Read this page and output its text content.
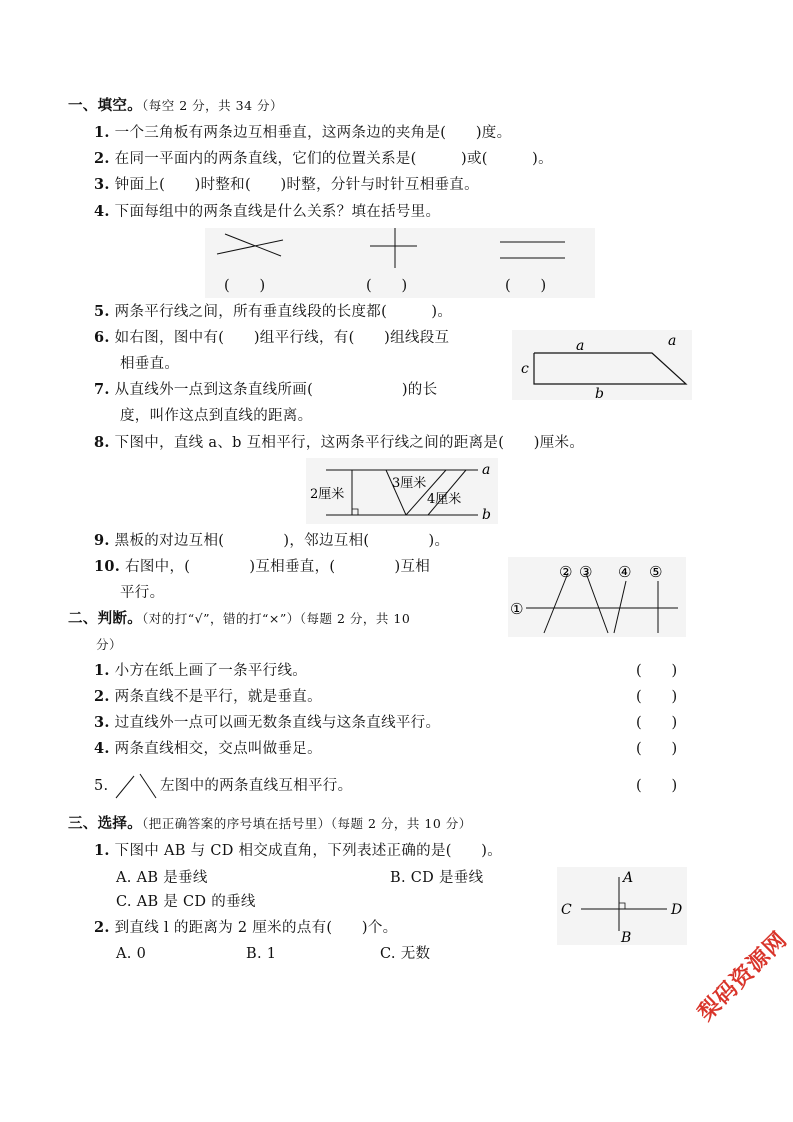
一、填空。（每空 2 分，共 34 分）
1. 一个三角板有两条边互相垂直，这两条边的夹角是(　　)度。
2. 在同一平面内的两条直线，它们的位置关系是(　　　)或(　　　)。
3. 钟面上(　　)时整和(　　)时整，分针与时针互相垂直。
4. 下面每组中的两条直线是什么关系？填在括号里。
(　　)	(　　)	(　　)
5. 两条平行线之间，所有垂直线段的长度都(　　　)。
6. 如右图，图中有(　　)组平行线，有(　　)组线段互
相垂直。
a	a
c
b
7. 从直线外一点到这条直线所画(　　　　　　)的长
度，叫作这点到直线的距离。
8. 下图中，直线 a、b 互相平行，这两条平行线之间的距离是(　　)厘米。
2厘米
3厘米
4厘米
a
b
9. 黑板的对边互相(　　　　)，邻边互相(　　　　)。
10. 右图中，(　　　　)互相垂直，(　　　　)互相
平行。
①
② ③ ④ ⑤
二、判断。（对的打“√”，错的打“×”）（每题 2 分，共 10
分）
1. 小方在纸上画了一条平行线。	(　　)
2. 两条直线不是平行，就是垂直。	(　　)
3. 过直线外一点可以画无数条直线与这条直线平行。	(　　)
4. 两条直线相交，交点叫做垂足。	(　　)
5.	左图中的两条直线互相平行。	(　　)
三、选择。（把正确答案的序号填在括号里）（每题 2 分，共 10 分）
1. 下图中 AB 与 CD 相交成直角，下列表述正确的是(　　)。
A. AB 是垂线	B. CD 是垂线
C. AB 是 CD 的垂线
A
B
C	D
2. 到直线 l 的距离为 2 厘米的点有(　　)个。
A. 0	B. 1	C. 无数	梨码资源网
